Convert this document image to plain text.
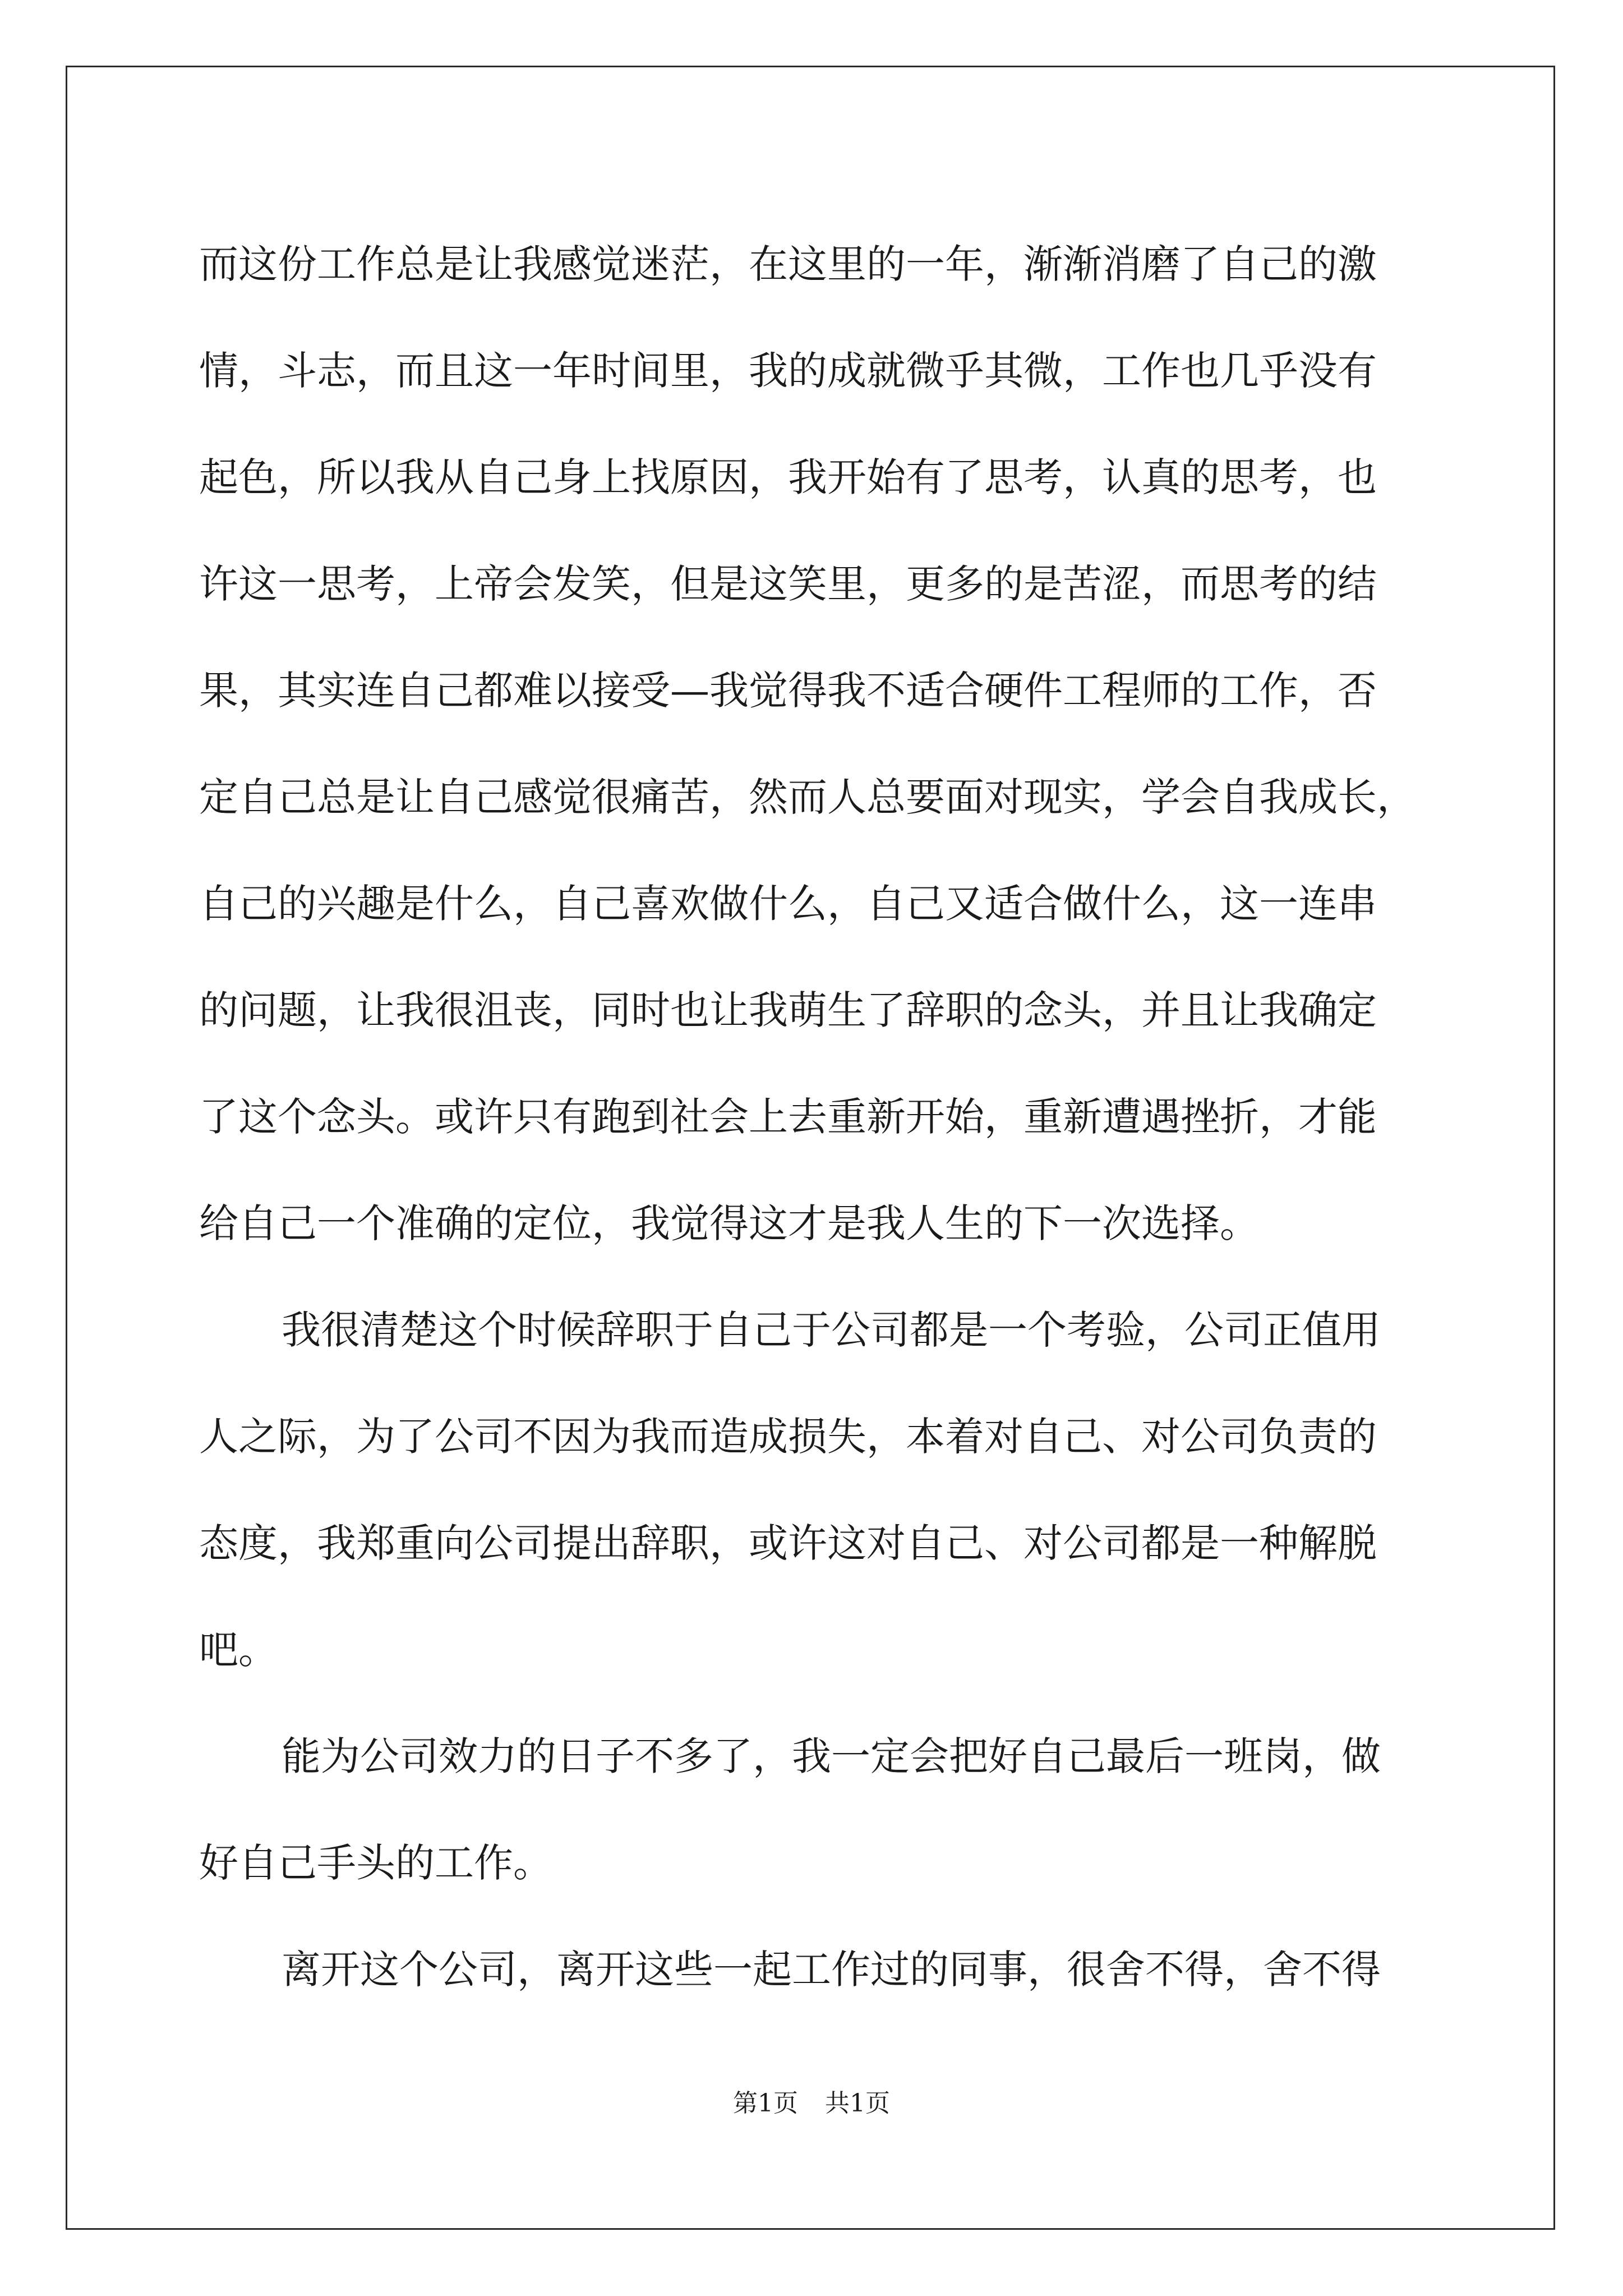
而这份工作总是让我感觉迷茫，在这里的一年，渐渐消磨了自己的激
情，斗志，而且这一年时间里，我的成就微乎其微，工作也几乎没有
起色，所以我从自己身上找原因，我开始有了思考，认真的思考，也
许这一思考，上帝会发笑，但是这笑里，更多的是苦涩，而思考的结
果，其实连自己都难以接受—我觉得我不适合硬件工程师的工作，否
定自己总是让自己感觉很痛苦，然而人总要面对现实，学会自我成长，
自己的兴趣是什么，自己喜欢做什么，自己又适合做什么，这一连串
的问题，让我很沮丧，同时也让我萌生了辞职的念头，并且让我确定
了这个念头。或许只有跑到社会上去重新开始，重新遭遇挫折，才能
给自己一个准确的定位，我觉得这才是我人生的下一次选择。
我很清楚这个时候辞职于自己于公司都是一个考验，公司正值用
人之际，为了公司不因为我而造成损失，本着对自己、对公司负责的
态度，我郑重向公司提出辞职，或许这对自己、对公司都是一种解脱
吧。
能为公司效力的日子不多了，我一定会把好自己最后一班岗，做
好自己手头的工作。
离开这个公司，离开这些一起工作过的同事，很舍不得，舍不得
第1页 共1页
